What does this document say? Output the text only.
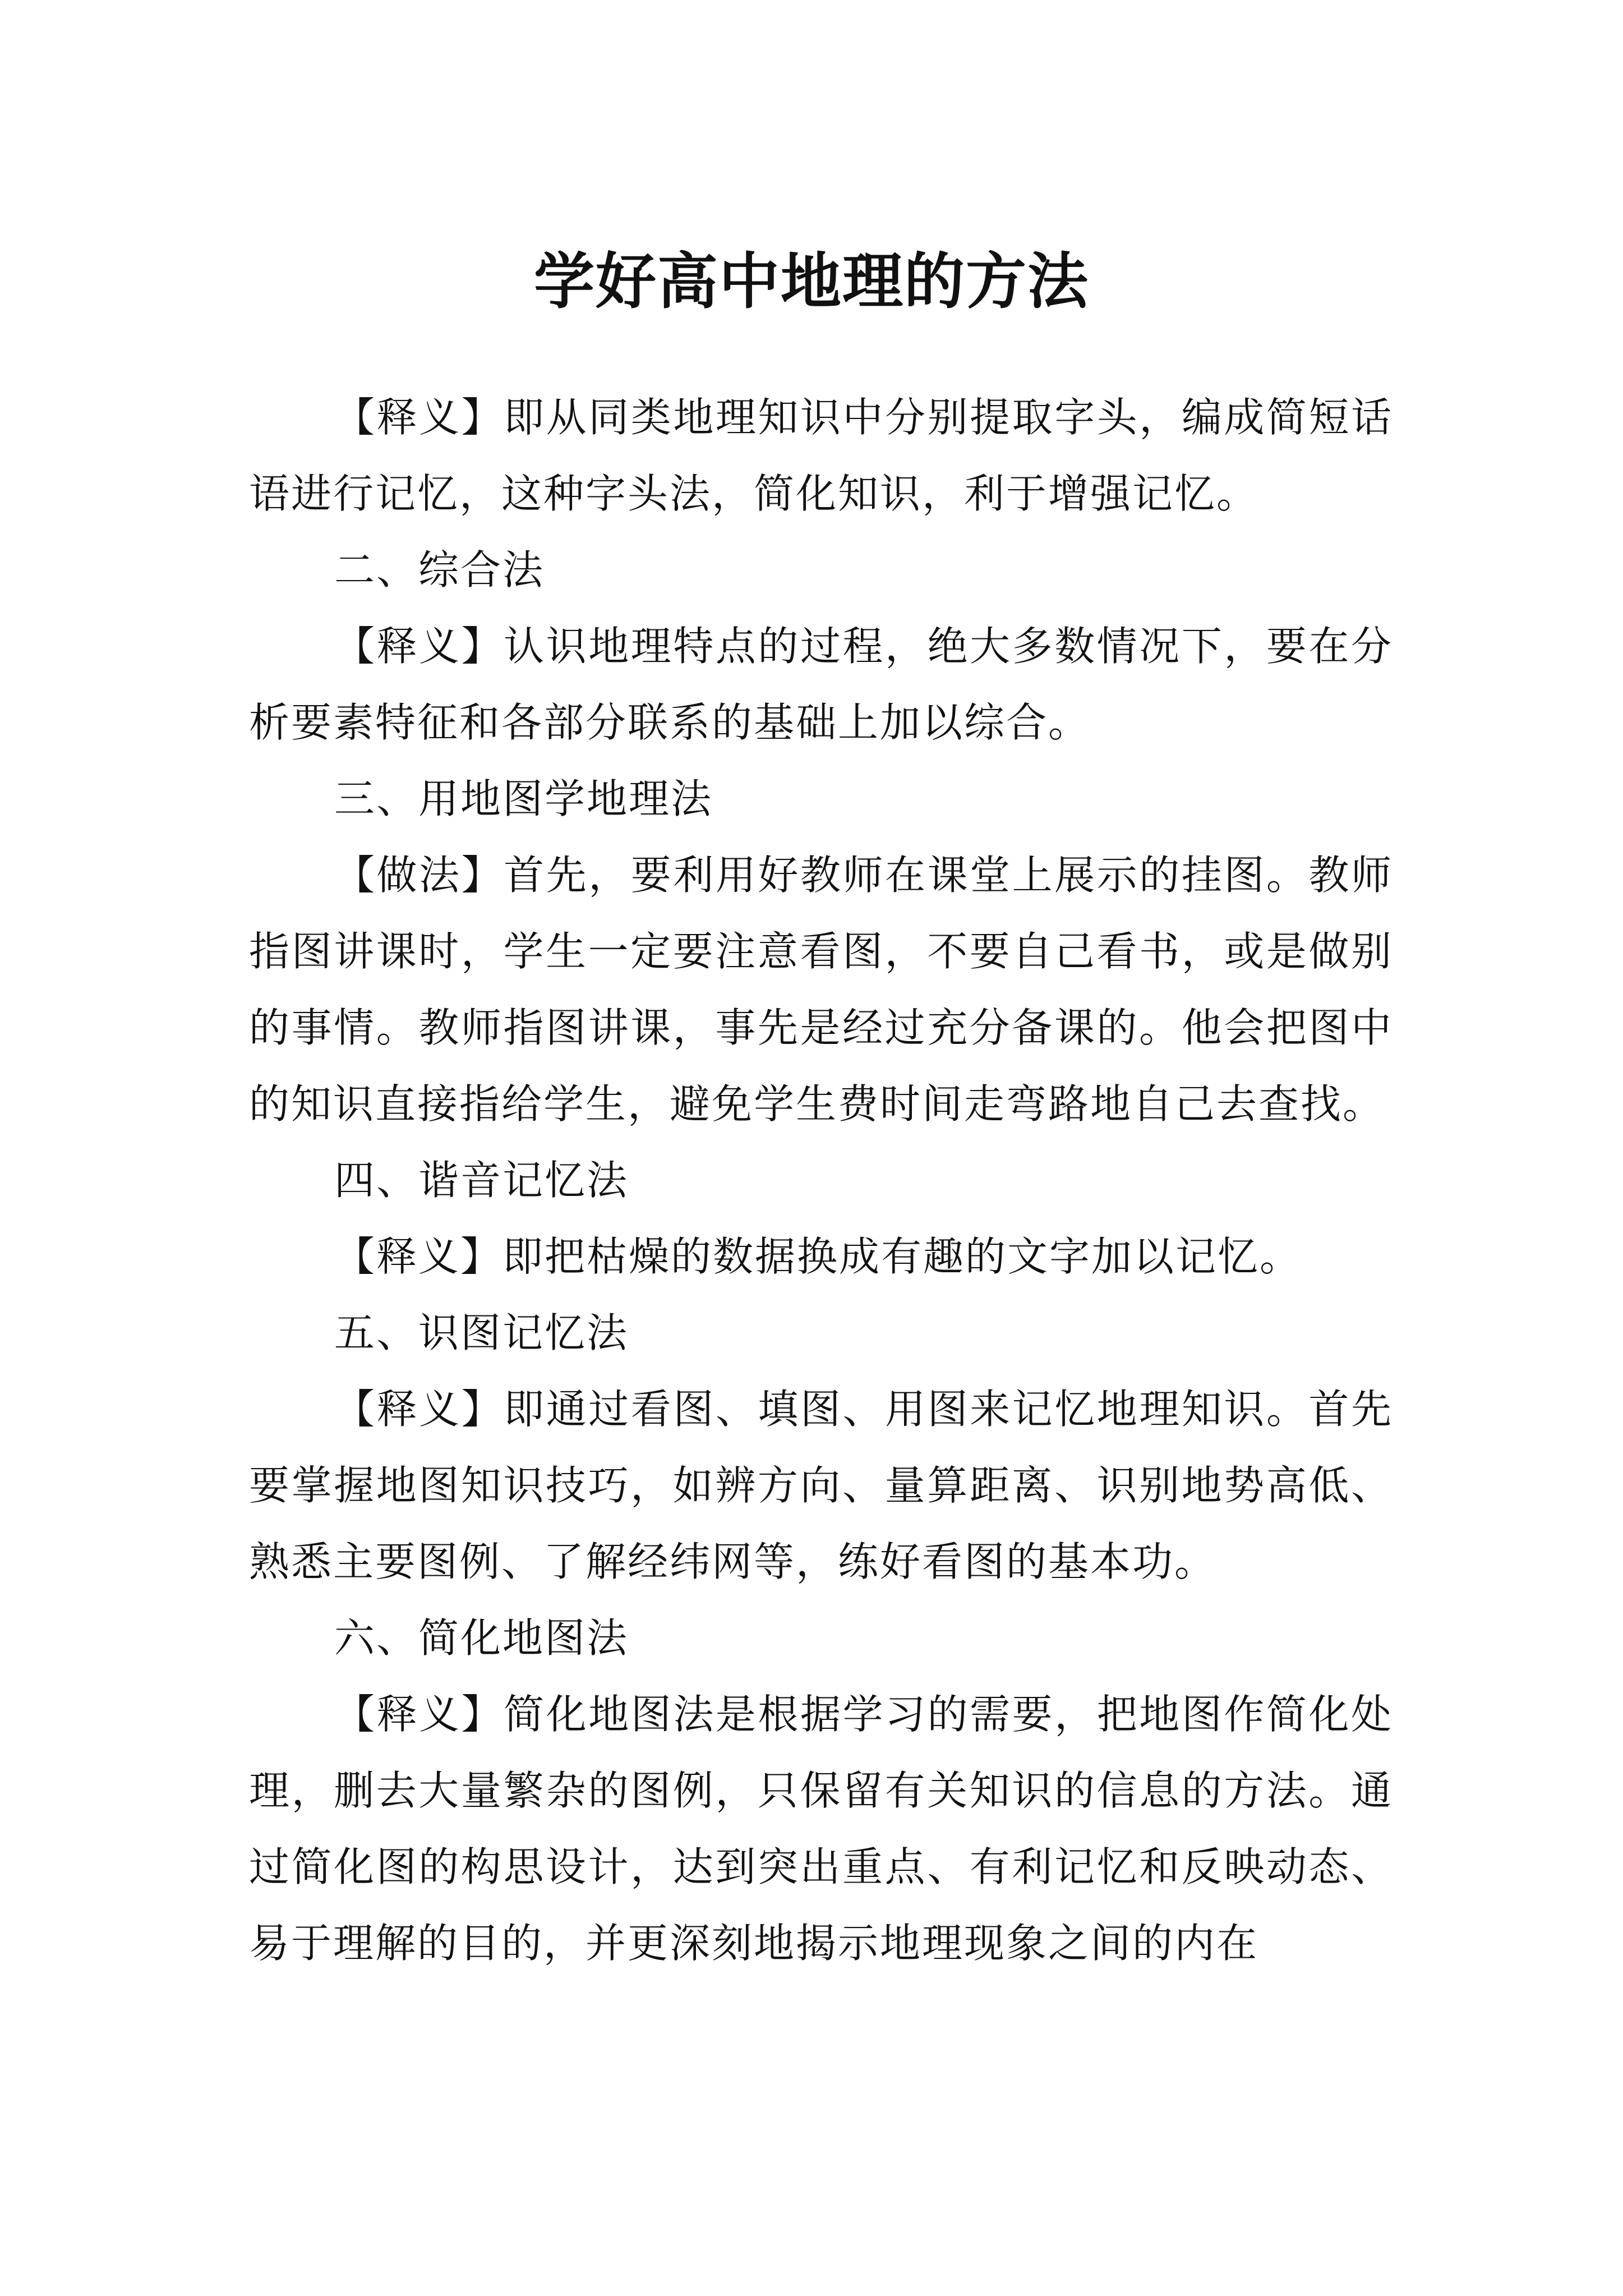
学好高中地理的方法

【释义】即从同类地理知识中分别提取字头，编成简短话语进行记忆，这种字头法，简化知识，利于增强记忆。

二、综合法

【释义】认识地理特点的过程，绝大多数情况下，要在分析要素特征和各部分联系的基础上加以综合。

三、用地图学地理法

【做法】首先，要利用好教师在课堂上展示的挂图。教师指图讲课时，学生一定要注意看图，不要自己看书，或是做别的事情。教师指图讲课，事先是经过充分备课的。他会把图中的知识直接指给学生，避免学生费时间走弯路地自己去查找。

四、谐音记忆法

【释义】即把枯燥的数据换成有趣的文字加以记忆。

五、识图记忆法

【释义】即通过看图、填图、用图来记忆地理知识。首先要掌握地图知识技巧，如辨方向、量算距离、识别地势高低、熟悉主要图例、了解经纬网等，练好看图的基本功。

六、简化地图法

【释义】简化地图法是根据学习的需要，把地图作简化处理，删去大量繁杂的图例，只保留有关知识的信息的方法。通过简化图的构思设计，达到突出重点、有利记忆和反映动态、易于理解的目的，并更深刻地揭示地理现象之间的内在
